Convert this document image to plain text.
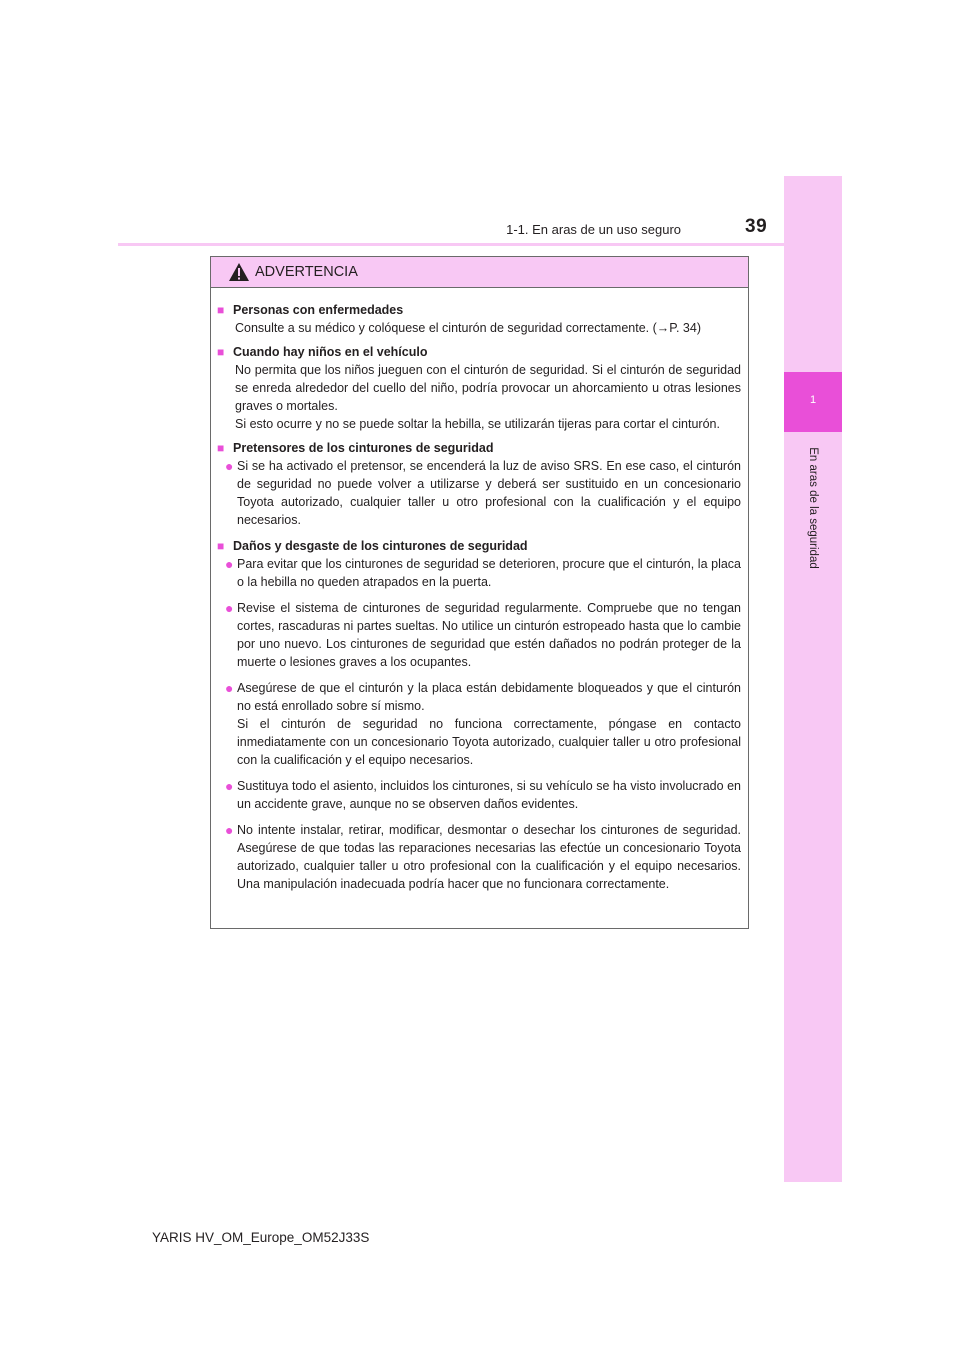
1
En aras de la seguridad
1-1. En aras de un uso seguro	39
ADVERTENCIA
■ Personas con enfermedades
Consulte a su médico y colóquese el cinturón de seguridad correctamente. (→P. 34)
■ Cuando hay niños en el vehículo
No permita que los niños jueguen con el cinturón de seguridad. Si el cinturón de seguridad se enreda alrededor del cuello del niño, podría provocar un ahorcamiento u otras lesiones graves o mortales.
Si esto ocurre y no se puede soltar la hebilla, se utilizarán tijeras para cortar el cinturón.
■ Pretensores de los cinturones de seguridad
● Si se ha activado el pretensor, se encenderá la luz de aviso SRS. En ese caso, el cinturón de seguridad no puede volver a utilizarse y deberá ser sustituido en un concesionario Toyota autorizado, cualquier taller u otro profesional con la cualificación y el equipo necesarios.
■ Daños y desgaste de los cinturones de seguridad
● Para evitar que los cinturones de seguridad se deterioren, procure que el cinturón, la placa o la hebilla no queden atrapados en la puerta.
● Revise el sistema de cinturones de seguridad regularmente. Compruebe que no tengan cortes, rascaduras ni partes sueltas. No utilice un cinturón estropeado hasta que lo cambie por uno nuevo. Los cinturones de seguridad que estén dañados no podrán proteger de la muerte o lesiones graves a los ocupantes.
● Asegúrese de que el cinturón y la placa están debidamente bloqueados y que el cinturón no está enrollado sobre sí mismo.
Si el cinturón de seguridad no funciona correctamente, póngase en contacto inmediatamente con un concesionario Toyota autorizado, cualquier taller u otro profesional con la cualificación y el equipo necesarios.
● Sustituya todo el asiento, incluidos los cinturones, si su vehículo se ha visto involucrado en un accidente grave, aunque no se observen daños evidentes.
● No intente instalar, retirar, modificar, desmontar o desechar los cinturones de seguridad. Asegúrese de que todas las reparaciones necesarias las efectúe un concesionario Toyota autorizado, cualquier taller u otro profesional con la cualificación y el equipo necesarios. Una manipulación inadecuada podría hacer que no funcionara correctamente.
YARIS HV_OM_Europe_OM52J33S
